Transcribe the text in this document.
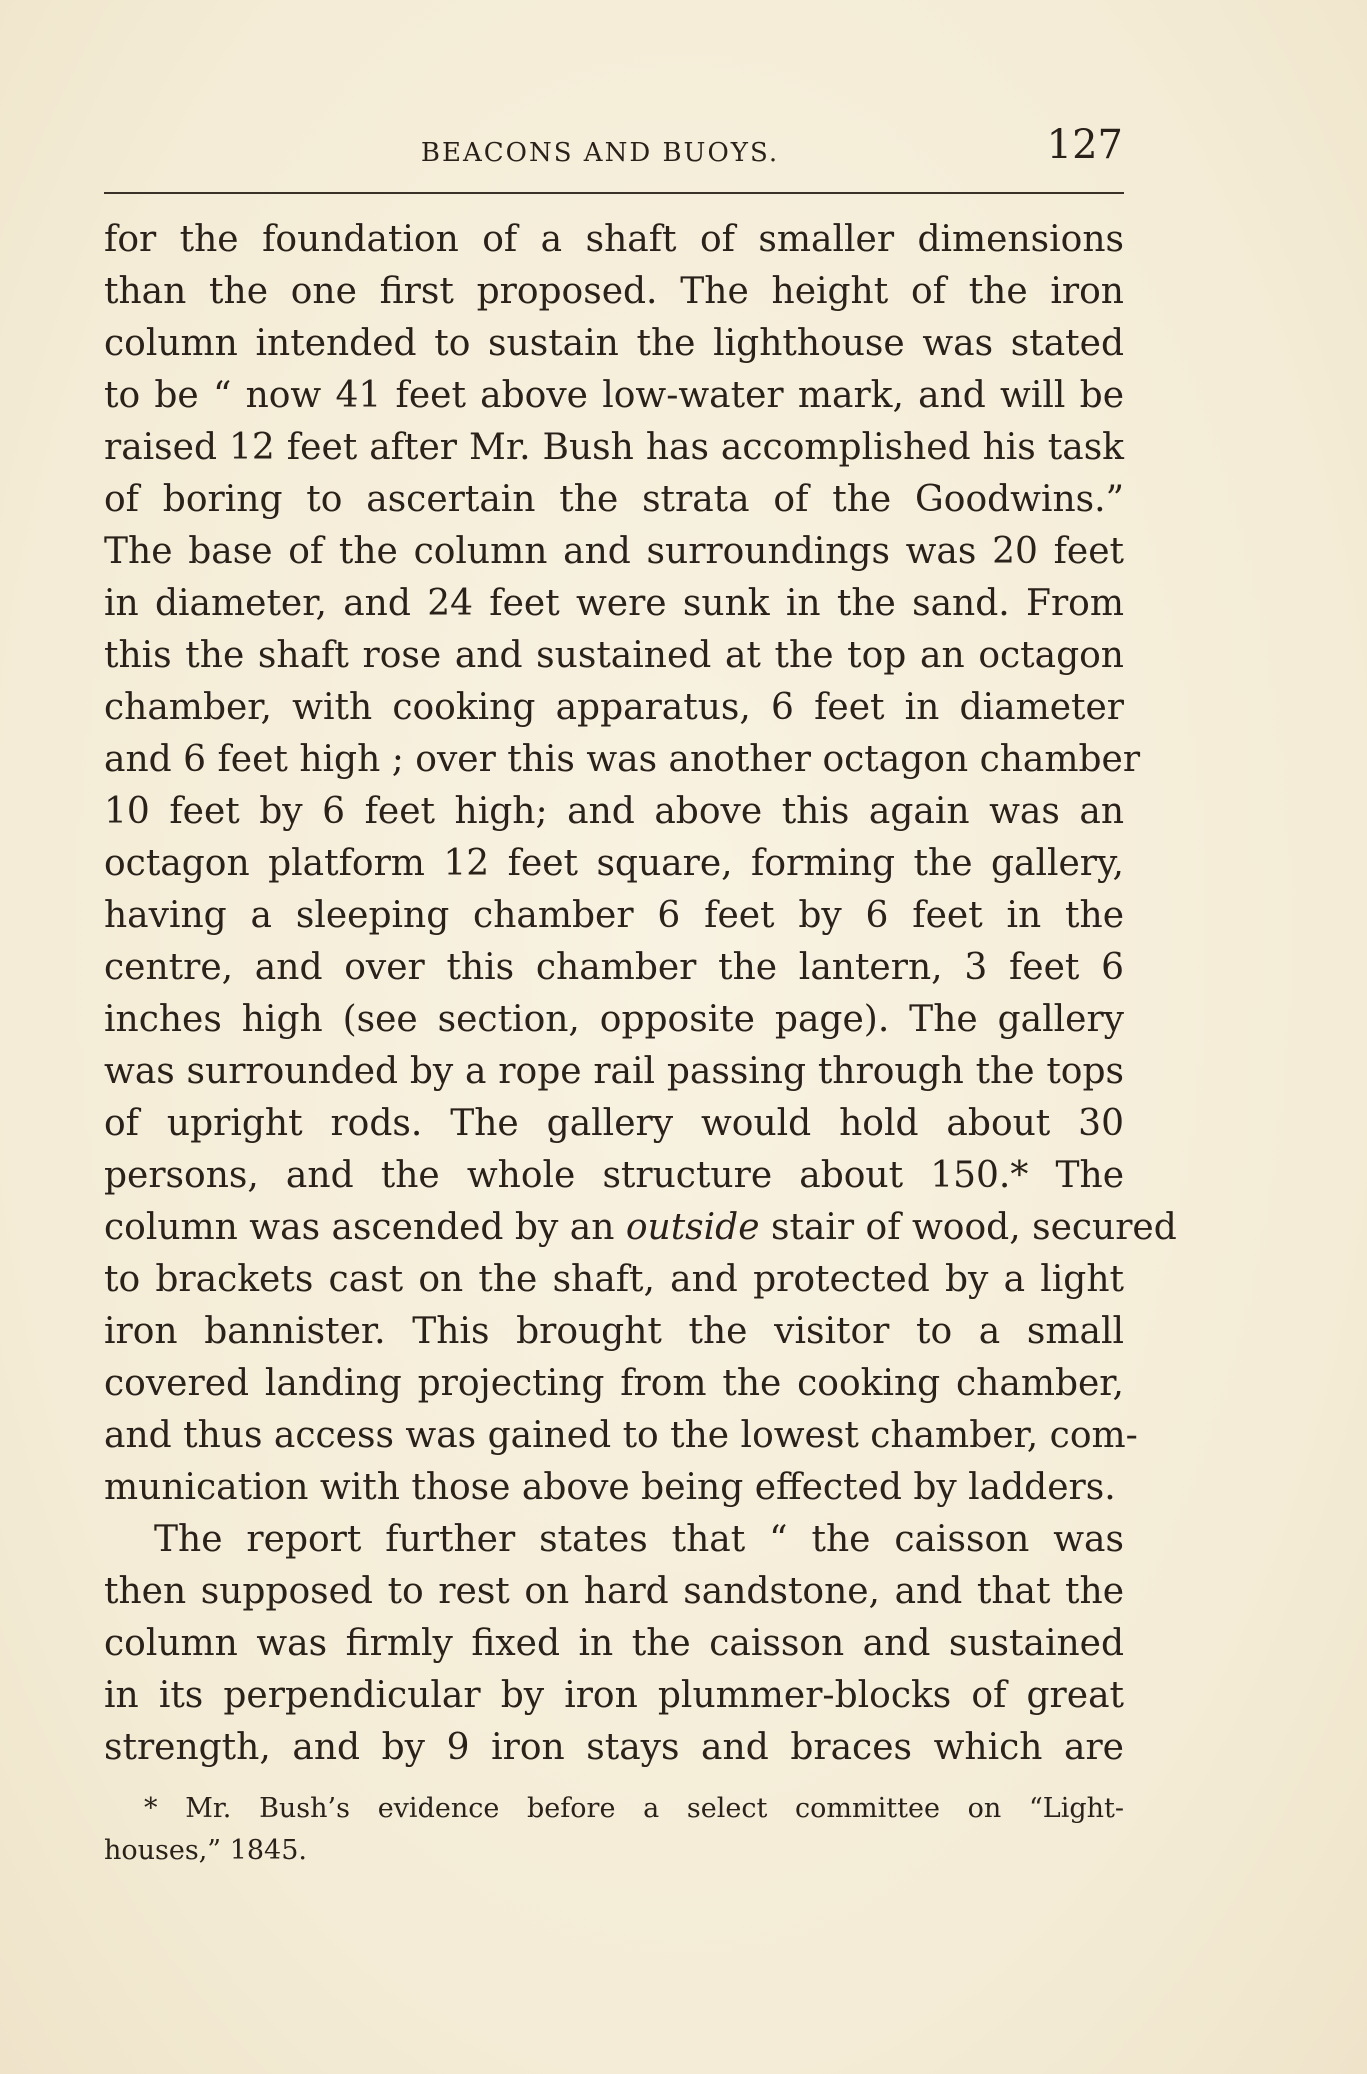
BEACONS AND BUOYS.	127
for the foundation of a shaft of smaller dimensions
than the one first proposed. The height of the iron
column intended to sustain the lighthouse was stated
to be “ now 41 feet above low-water mark, and will be
raised 12 feet after Mr. Bush has accomplished his task
of boring to ascertain the strata of the Goodwins.”
The base of the column and surroundings was 20 feet
in diameter, and 24 feet were sunk in the sand. From
this the shaft rose and sustained at the top an octagon
chamber, with cooking apparatus, 6 feet in diameter
and 6 feet high ; over this was another octagon chamber
10 feet by 6 feet high; and above this again was an
octagon platform 12 feet square, forming the gallery,
having a sleeping chamber 6 feet by 6 feet in the
centre, and over this chamber the lantern, 3 feet 6
inches high (see section, opposite page). The gallery
was surrounded by a rope rail passing through the tops
of upright rods. The gallery would hold about 30
persons, and the whole structure about 150.* The
column was ascended by an outside stair of wood, secured
to brackets cast on the shaft, and protected by a light
iron bannister. This brought the visitor to a small
covered landing projecting from the cooking chamber,
and thus access was gained to the lowest chamber, com-
munication with those above being effected by ladders.
The report further states that “ the caisson was
then supposed to rest on hard sandstone, and that the
column was firmly fixed in the caisson and sustained
in its perpendicular by iron plummer-blocks of great
strength, and by 9 iron stays and braces which are
* Mr. Bush’s evidence before a select committee on “Light-
houses,” 1845.
